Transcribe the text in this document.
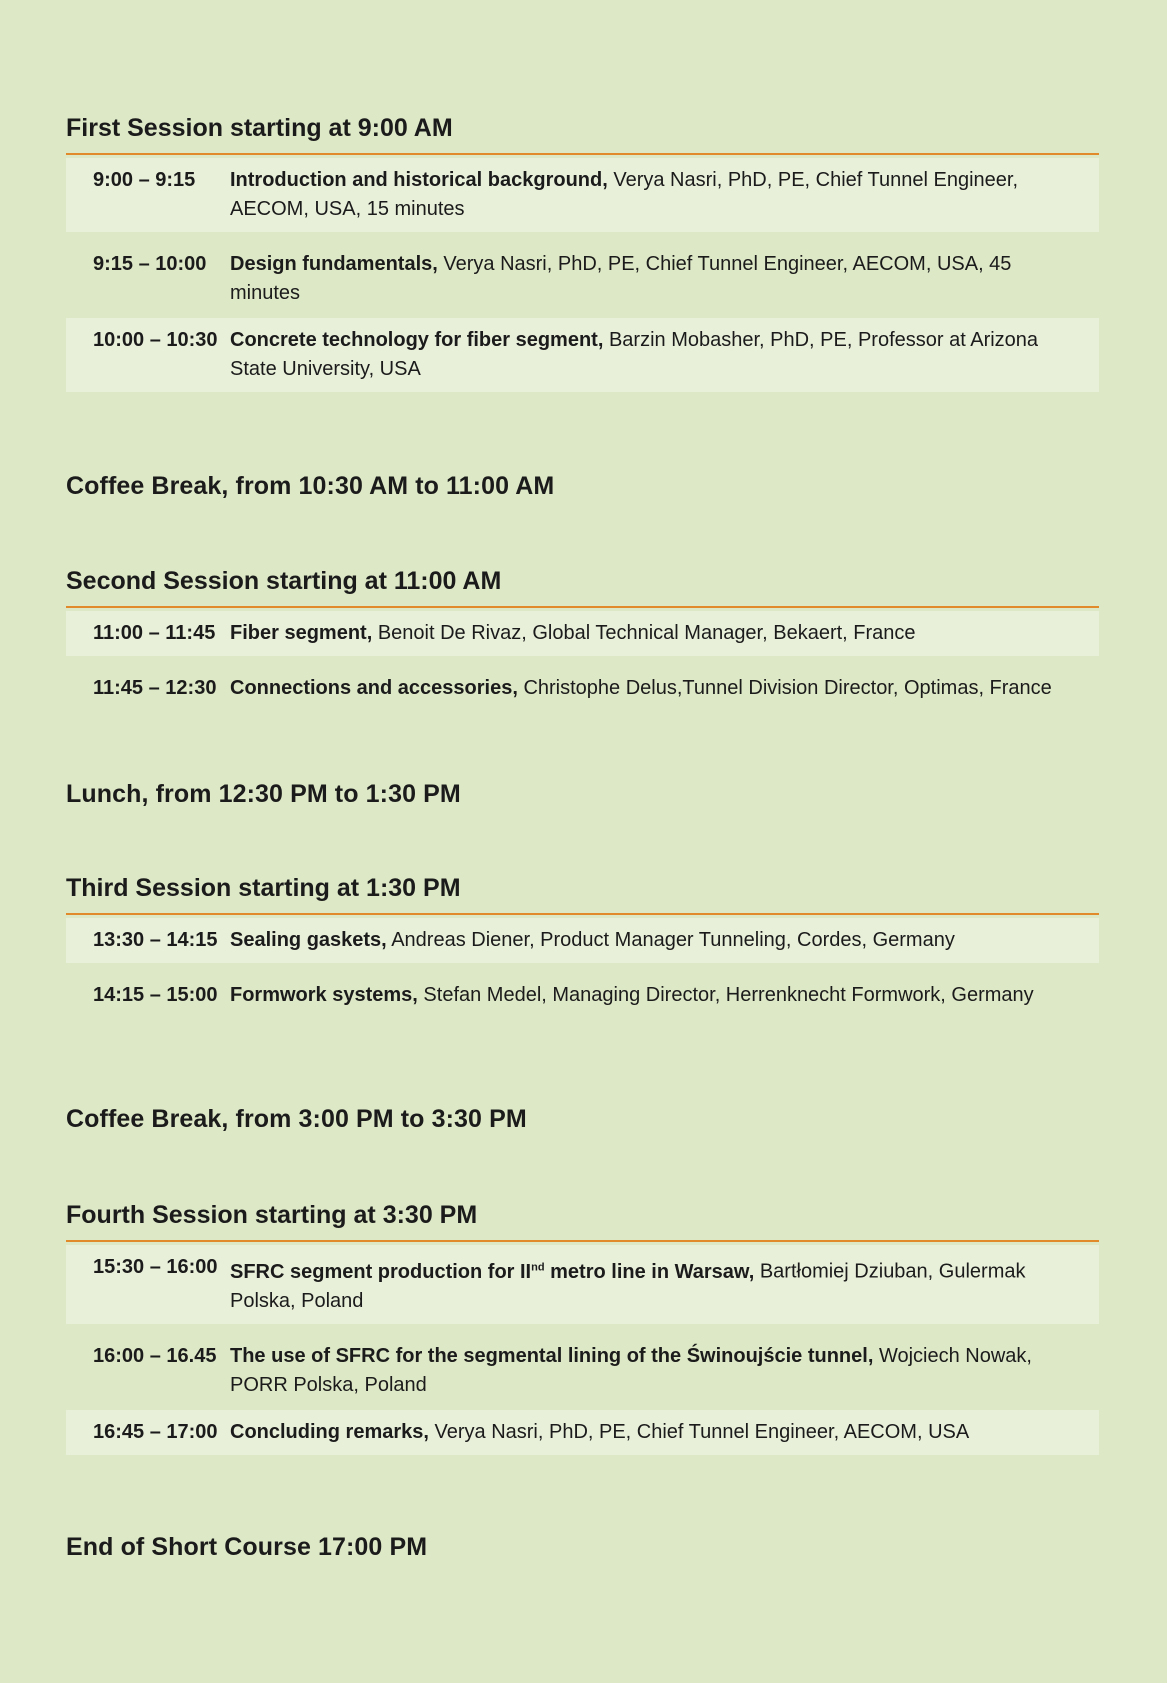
First Session starting at 9:00 AM
9:00 – 9:15	Introduction and historical background, Verya Nasri, PhD, PE, Chief Tunnel Engineer, AECOM, USA, 15 minutes
9:15 – 10:00	Design fundamentals, Verya Nasri, PhD, PE, Chief Tunnel Engineer, AECOM, USA, 45 minutes
10:00 – 10:30 Concrete technology for fiber segment, Barzin Mobasher, PhD, PE, Professor at Arizona State University, USA
Coffee Break, from 10:30 AM to 11:00 AM
Second Session starting at 11:00 AM
11:00 – 11:45 Fiber segment, Benoit De Rivaz, Global Technical Manager, Bekaert, France
11:45 – 12:30 Connections and accessories, Christophe Delus,Tunnel Division Director, Optimas, France
Lunch, from 12:30 PM to 1:30 PM
Third Session starting at 1:30 PM
13:30 – 14:15 Sealing gaskets, Andreas Diener, Product Manager Tunneling, Cordes, Germany
14:15 – 15:00 Formwork systems, Stefan Medel, Managing Director, Herrenknecht Formwork, Germany
Coffee Break, from 3:00 PM to 3:30 PM
Fourth Session starting at 3:30 PM
15:30 – 16:00 SFRC segment production for IInd metro line in Warsaw, Bartłomiej Dziuban, Gulermak Polska, Poland
16:00 – 16.45 The use of SFRC for the segmental lining of the Świnoujście tunnel, Wojciech Nowak, PORR Polska, Poland
16:45 – 17:00 Concluding remarks, Verya Nasri, PhD, PE, Chief Tunnel Engineer, AECOM, USA
End of Short Course 17:00 PM
